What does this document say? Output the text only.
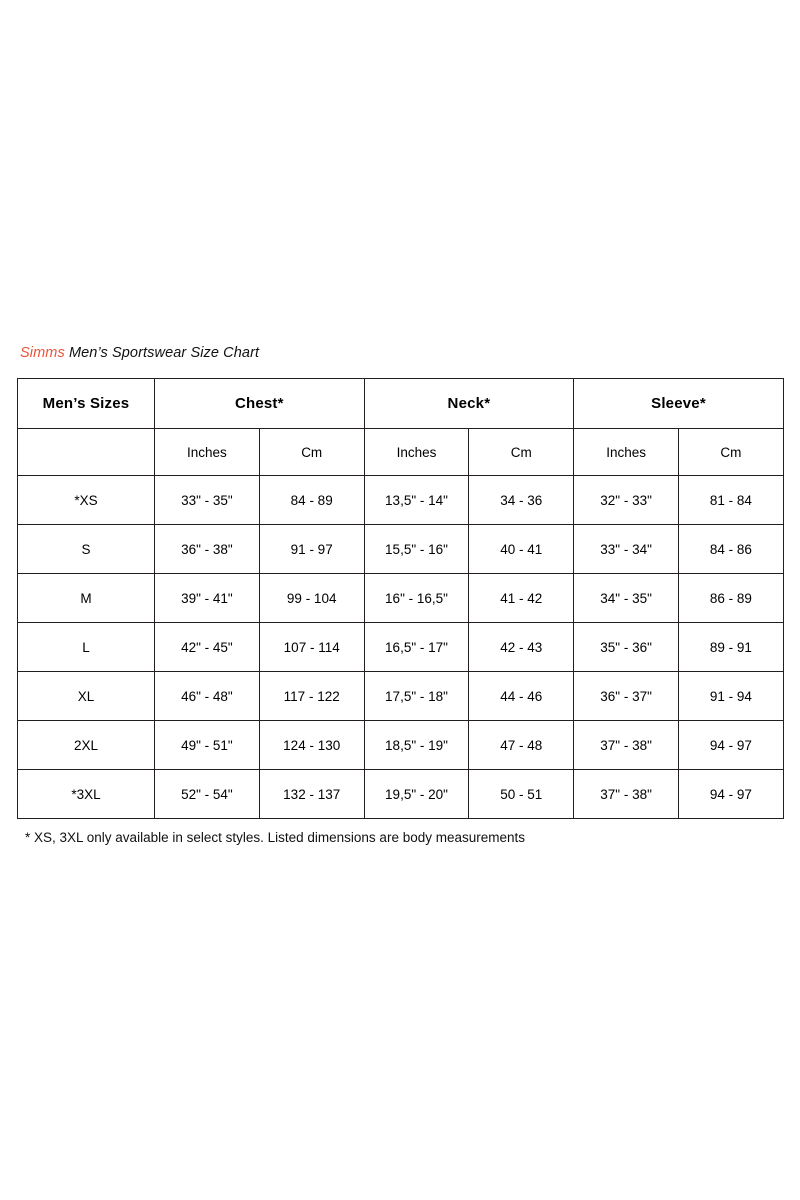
Simms Men’s Sportswear Size Chart
Men’s Sizes	Chest*		Neck*		Sleeve*	
	Inches	Cm	Inches	Cm	Inches	Cm
*XS	33" - 35"	84 - 89	13,5" - 14"	34 - 36	32" - 33"	81 - 84
S	36" - 38"	91 - 97	15,5" - 16"	40 - 41	33" - 34"	84 - 86
M	39" - 41"	99 - 104	16" - 16,5"	41 - 42	34" - 35"	86 - 89
L	42" - 45"	107 - 114	16,5" - 17"	42 - 43	35" - 36"	89 - 91
XL	46" - 48"	117 - 122	17,5" - 18"	44 - 46	36" - 37"	91 - 94
2XL	49" - 51"	124 - 130	18,5" - 19"	47 - 48	37" - 38"	94 - 97
*3XL	52" - 54"	132 - 137	19,5" - 20"	50 - 51	37" - 38"	94 - 97
* XS, 3XL only available in select styles. Listed dimensions are body measurements
